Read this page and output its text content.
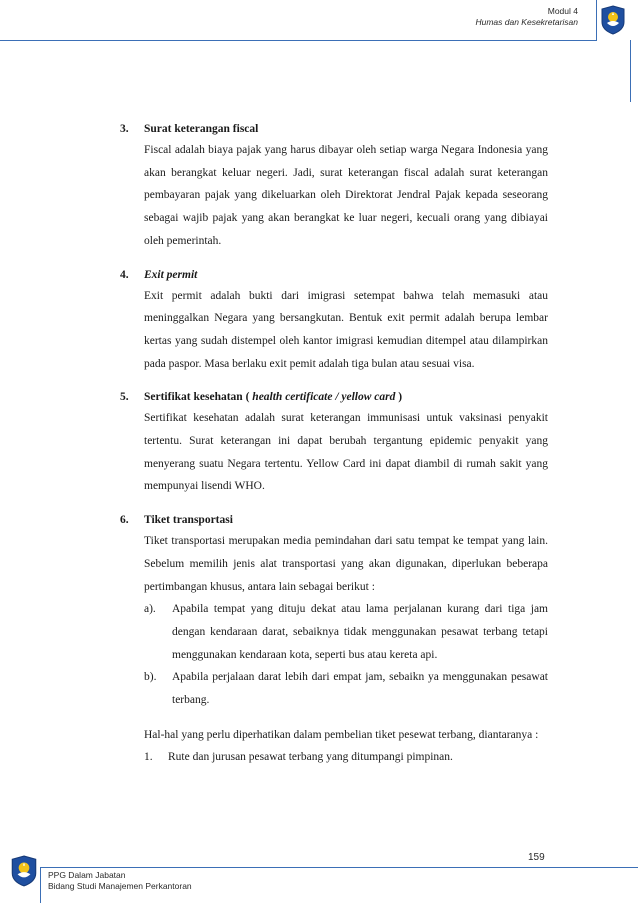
Modul 4
Humas dan Kesekretarisan
3. Surat keterangan fiscal

Fiscal adalah biaya pajak yang harus dibayar oleh setiap warga Negara Indonesia yang akan berangkat keluar negeri. Jadi, surat keterangan fiscal adalah surat keterangan pembayaran pajak yang dikeluarkan oleh Direktorat Jendral Pajak kepada seseorang sebagai wajib pajak yang akan berangkat ke luar negeri, kecuali orang yang dibiayai oleh pemerintah.

4. Exit permit

Exit permit adalah bukti dari imigrasi setempat bahwa telah memasuki atau meninggalkan Negara yang bersangkutan. Bentuk exit permit adalah berupa lembar kertas yang sudah distempel oleh kantor imigrasi kemudian ditempel atau dilampirkan pada paspor. Masa berlaku exit pemit adalah tiga bulan atau sesuai visa.

5. Sertifikat kesehatan ( health certificate / yellow card )

Sertifikat kesehatan adalah surat keterangan immunisasi untuk vaksinasi penyakit tertentu. Surat keterangan ini dapat berubah tergantung epidemic penyakit yang menyerang suatu Negara tertentu. Yellow Card ini dapat diambil di rumah sakit yang mempunyai lisendi WHO.

6. Tiket transportasi

Tiket transportasi merupakan media pemindahan dari satu tempat ke tempat yang lain. Sebelum memilih jenis alat transportasi yang akan digunakan, diperlukan beberapa pertimbangan khusus, antara lain sebagai berikut :

a).	Apabila tempat yang dituju dekat atau lama perjalanan kurang dari tiga jam dengan kendaraan darat, sebaiknya tidak menggunakan pesawat terbang tetapi menggunakan kendaraan kota, seperti bus atau kereta api.
b).	Apabila perjalaan darat lebih dari empat jam, sebaikn ya menggunakan pesawat terbang.

Hal-hal yang perlu diperhatikan dalam pembelian tiket pesewat terbang, diantaranya :

1.	Rute dan jurusan pesawat terbang yang ditumpangi pimpinan.
159
PPG Dalam Jabatan
Bidang Studi Manajemen Perkantoran
